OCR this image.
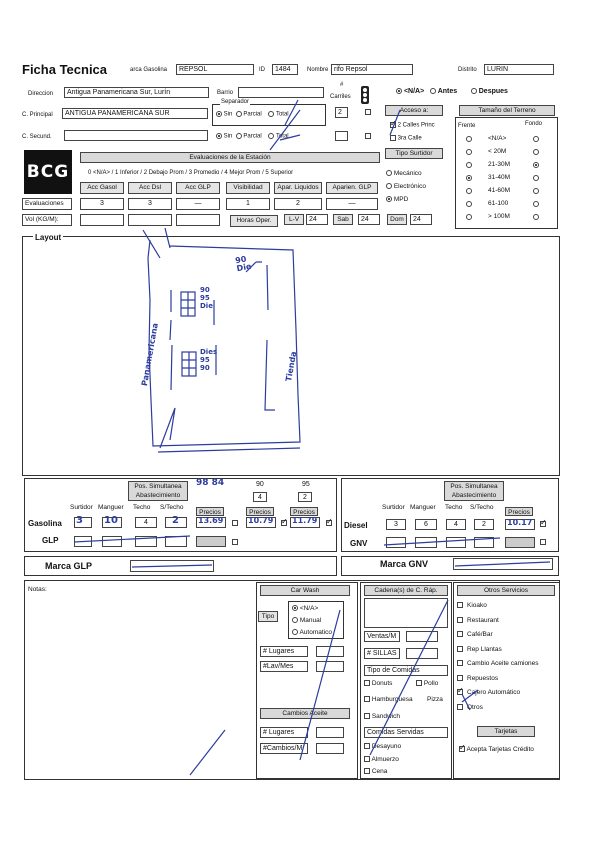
Ficha Tecnica	arca Gasolina	REPSOL	ID	1484	Nombre rifo Repsol	Distrito	LURIN
Direccion	Antigua Panamericana Sur, Lurín	Barrio
#
Carriles
2
C. Principal	ANTIGUA PANAMERICANA SUR
C. Secund.
Separador
Sin Parcial Total
Sin Parcial Total
<N/A> Antes	Despues
Acceso a:
✓ 2 Calles Princ
3ra Calle
Tipo Surtidor
Mecánico
Electrónico
MPD
Tamaño del Terreno
Frente	Fondo
<N/A>
< 20M
21-30M
31-40M
41-60M
61-100
> 100M
BCG
Evaluaciones de la Estación
0 <N/A> / 1 Inferior / 2 Debajo Prom / 3 Promedio / 4 Mejor Prom / 5 Superior
Acc Gasol	Acc Dsl	Acc GLP	Visibilidad	Apar. Liquidos	Aparien. GLP
Evaluaciones
Vol (KG/M):
3	3	—	1	2	—
Horas Oper.	L-V	24	Sab	24	Dom	24
Layout
90
Die
90
95
Die
Dies
95
90
Panamericana	Tienda
Pos. Simultanea
Abastecimiento
98 84	90	95
4	2
Surtidor Manguer Techo S/Techo
Precios	Precios	Precios
Gasolina 3 10	4	2 13.69	10.79
✓ 11.79
✓
GLP
Pos. Simultanea
Abastecimiento
Surtidor Manguer Techo S/Techo
Precios
Diesel	3	6	4	2	10.17
✓
GNV
Marca GLP	Marca GNV
Notas:	Car Wash
Tipo
<N/A>
Manual
Automatico
# Lugares
#Lav/Mes
Cambios Aceite
# Lugares
#Cambios/M
Cadena(s) de C. Ráp.
Ventas/M
# SILLAS
Tipo de Comidas
Donuts	Pollo
Hamburguesa Pizza
Sandwich
Comidas Servidas
Desayuno
Almuerzo
Cena
Otros Servicios
Kioako
Restaurant
Café/Bar
Rep Llantas
Cambio Aceite camiones
Repuestos
✓Cajero Automático
Otros
Tarjetas
✓ Acepta Tarjetas Crédito
